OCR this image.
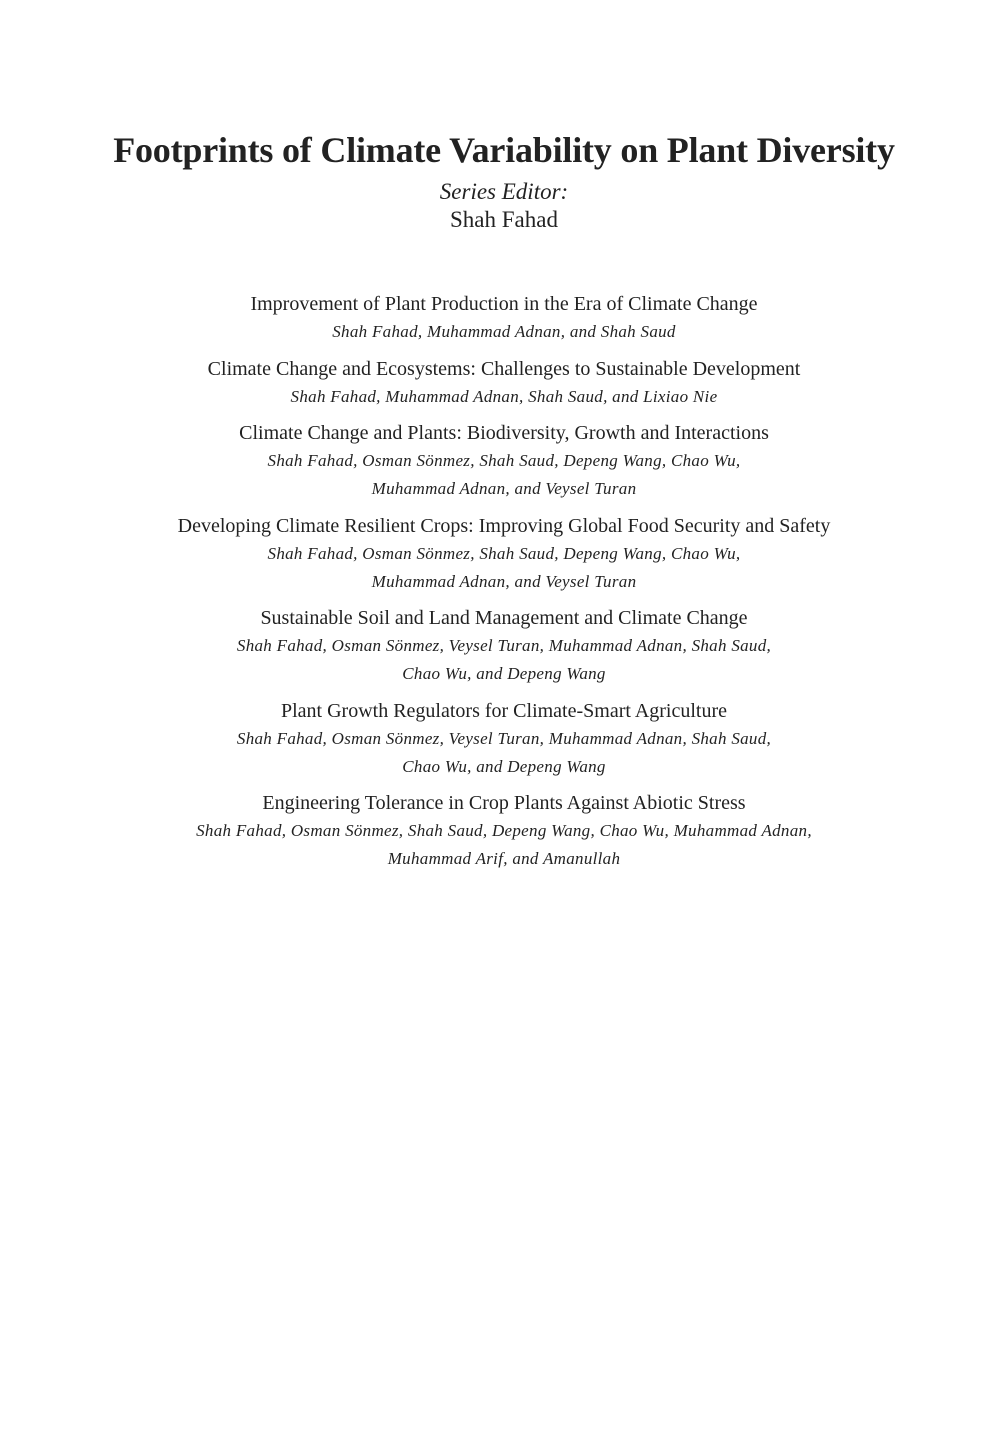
Footprints of Climate Variability on Plant Diversity
Series Editor:
Shah Fahad
Improvement of Plant Production in the Era of Climate Change
Shah Fahad, Muhammad Adnan, and Shah Saud
Climate Change and Ecosystems: Challenges to Sustainable Development
Shah Fahad, Muhammad Adnan, Shah Saud, and Lixiao Nie
Climate Change and Plants: Biodiversity, Growth and Interactions
Shah Fahad, Osman Sönmez, Shah Saud, Depeng Wang, Chao Wu,
Muhammad Adnan, and Veysel Turan
Developing Climate Resilient Crops: Improving Global Food Security and Safety
Shah Fahad, Osman Sönmez, Shah Saud, Depeng Wang, Chao Wu,
Muhammad Adnan, and Veysel Turan
Sustainable Soil and Land Management and Climate Change
Shah Fahad, Osman Sönmez, Veysel Turan, Muhammad Adnan, Shah Saud,
Chao Wu, and Depeng Wang
Plant Growth Regulators for Climate-Smart Agriculture
Shah Fahad, Osman Sönmez, Veysel Turan, Muhammad Adnan, Shah Saud,
Chao Wu, and Depeng Wang
Engineering Tolerance in Crop Plants Against Abiotic Stress
Shah Fahad, Osman Sönmez, Shah Saud, Depeng Wang, Chao Wu, Muhammad Adnan,
Muhammad Arif, and Amanullah
